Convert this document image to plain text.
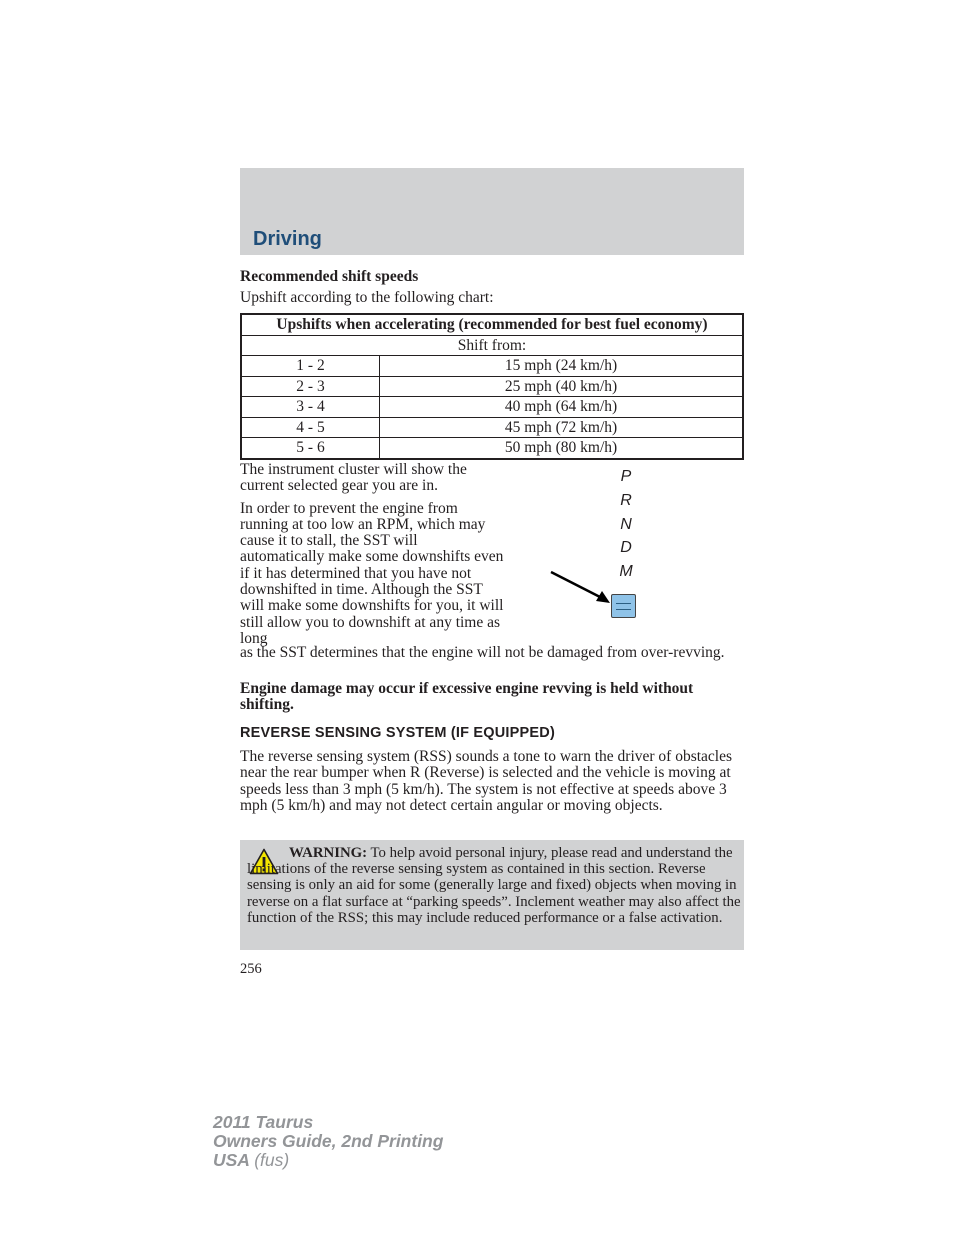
Driving
Recommended shift speeds
Upshift according to the following chart:
Upshifts when accelerating (recommended for best fuel economy)	
Shift from:	
1 - 2	15 mph (24 km/h)
2 - 3	25 mph (40 km/h)
3 - 4	40 mph (64 km/h)
4 - 5	45 mph (72 km/h)
5 - 6	50 mph (80 km/h)

The instrument cluster will show the current selected gear you are in.

In order to prevent the engine from running at too low an RPM, which may cause it to stall, the SST will automatically make some downshifts even if it has determined that you have not downshifted in time. Although the SST will make some downshifts for you, it will still allow you to downshift at any time as long

P
R
N
D
M
as the SST determines that the engine will not be damaged from over-revving.
Engine damage may occur if excessive engine revving is held without shifting.
REVERSE SENSING SYSTEM (IF EQUIPPED)
The reverse sensing system (RSS) sounds a tone to warn the driver of obstacles near the rear bumper when R (Reverse) is selected and the vehicle is moving at speeds less than 3 mph (5 km/h). The system is not effective at speeds above 3 mph (5 km/h) and may not detect certain angular or moving objects.
WARNING: To help avoid personal injury, please read and understand the limitations of the reverse sensing system as contained in this section. Reverse sensing is only an aid for some (generally large and fixed) objects when moving in reverse on a flat surface at “parking speeds”. Inclement weather may also affect the function of the RSS; this may include reduced performance or a false activation.
256
2011 Taurus
Owners Guide, 2nd Printing
USA (fus)
